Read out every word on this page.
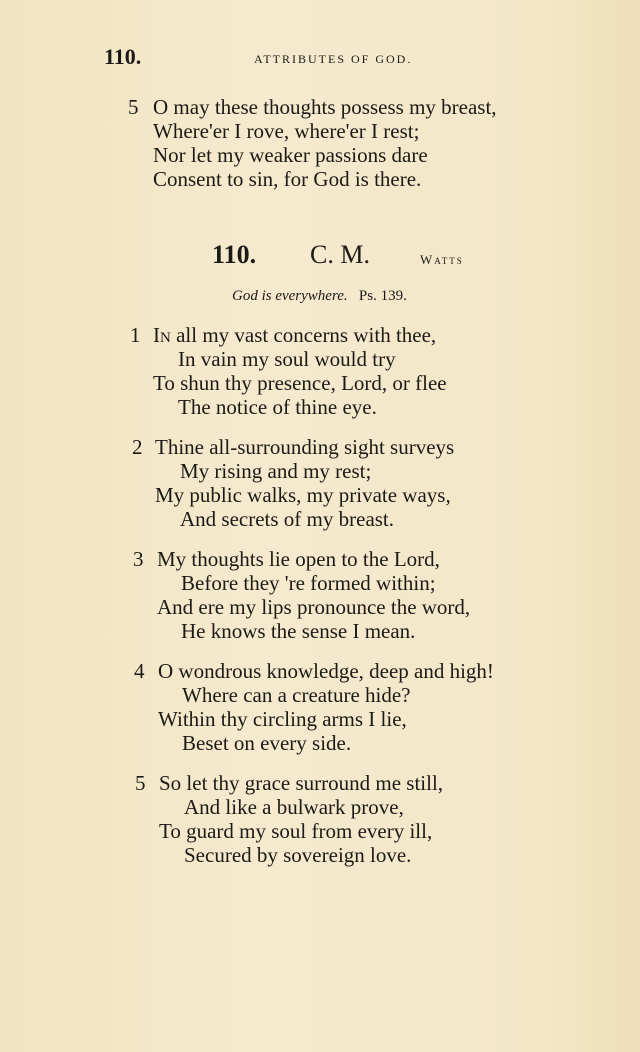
110.	ATTRIBUTES OF GOD.
5 O may these thoughts possess my breast,
Where'er I rove, where'er I rest;
Nor let my weaker passions dare
Consent to sin, for God is there.
110. C. M.	Watts
God is everywhere. Ps. 139.
1 In all my vast concerns with thee,
In vain my soul would try
To shun thy presence, Lord, or flee
The notice of thine eye.
2 Thine all-surrounding sight surveys
My rising and my rest;
My public walks, my private ways,
And secrets of my breast.
3 My thoughts lie open to the Lord,
Before they 're formed within;
And ere my lips pronounce the word,
He knows the sense I mean.
4 O wondrous knowledge, deep and high!
Where can a creature hide?
Within thy circling arms I lie,
Beset on every side.
5 So let thy grace surround me still,
And like a bulwark prove,
To guard my soul from every ill,
Secured by sovereign love.
